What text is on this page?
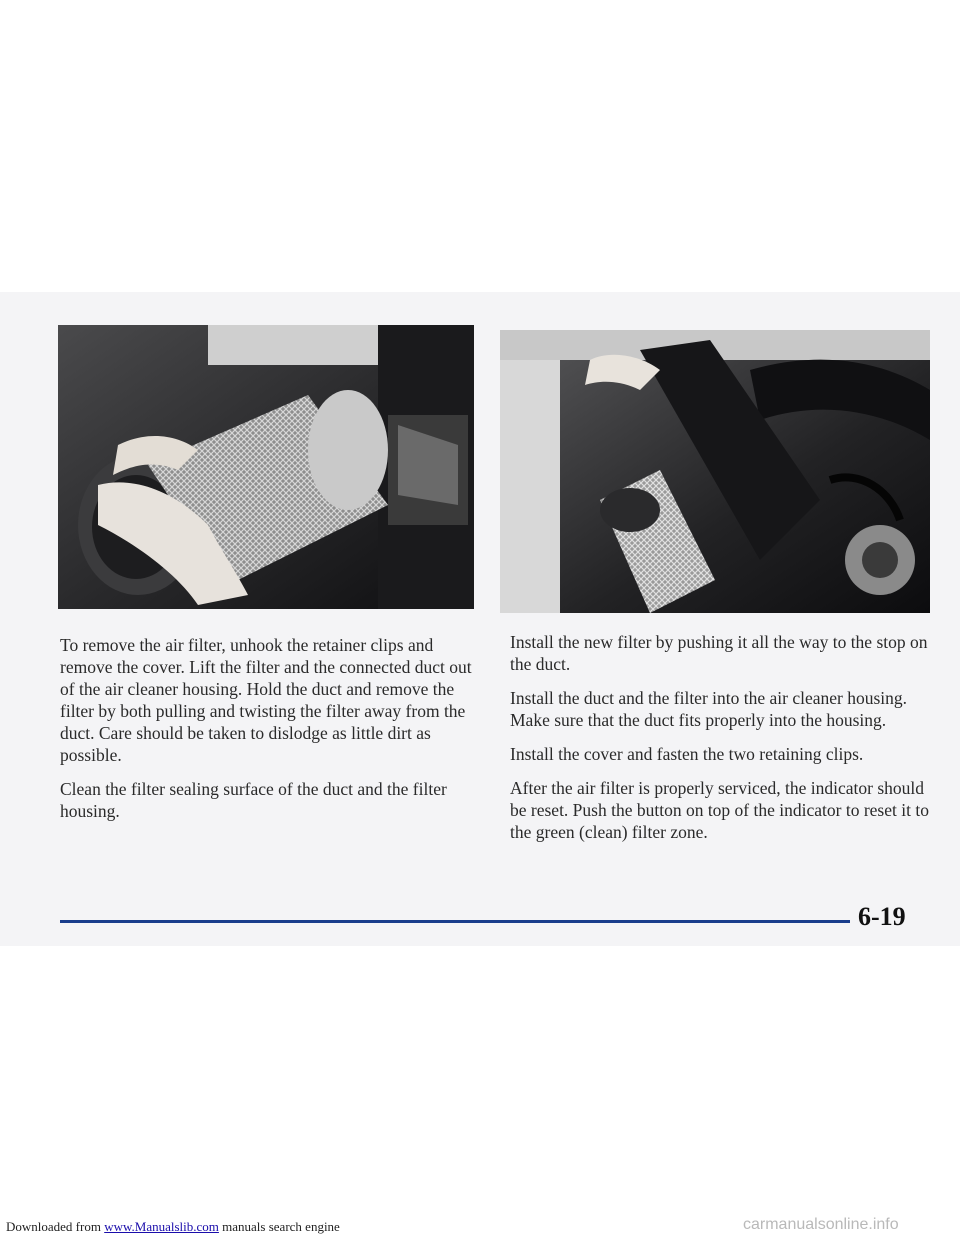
To remove the air filter, unhook the retainer clips and remove the cover. Lift the filter and the connected duct out of the air cleaner housing. Hold the duct and remove the filter by both pulling and twisting the filter away from the duct. Care should be taken to dislodge as little dirt as possible.

Clean the filter sealing surface of the duct and the filter housing.

Install the new filter by pushing it all the way to the stop on the duct.

Install the duct and the filter into the air cleaner housing. Make sure that the duct fits properly into the housing.

Install the cover and fasten the two retaining clips.

After the air filter is properly serviced, the indicator should be reset. Push the button on top of the indicator to reset it to the green (clean) filter zone.

6-19
Downloaded from www.Manualslib.com manuals search engine	carmanualsonline.info
